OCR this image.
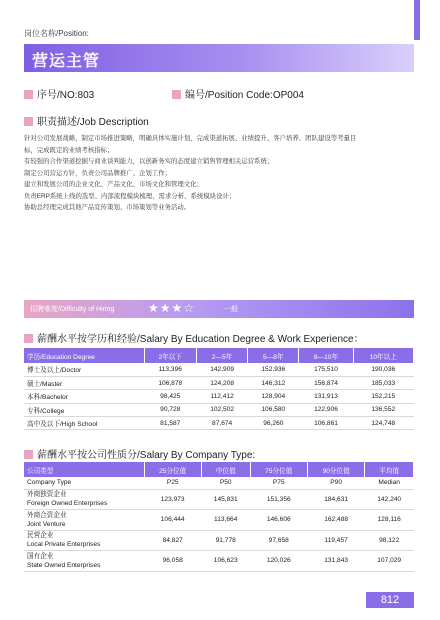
岗位名称/Position:
营运主管
序号/NO:803	编号/Position Code:OP004
职责描述/Job Description
针对公司发展战略，制定市场推进策略，明确具体实施计划，完成渠道拓展、业绩提升、客户培养、团队建设等考量目
标，完成既定的业绩考核指标；
有较强的合作渠道挖掘与商业谈判能力，以创新务实的态度建立销售管理相关运营系统；
制定公司营运方针，负责公司品牌推广、企划工作；
建立和发展公司的企业文化、产品文化、市场文化和管理文化；
负责ERP系统上线的选型、内部流程模块梳理、需求分析、系统模块设计；
协助总经理完成其他产品宣传策划、市场策划等业务活动。
招聘难度/Difficulty of Hiring	★★★☆	一般
薪酬水平按学历和经验/Salary By Education Degree & Work Experience：
学历/Education Degree	2年以下	2—5年	5—8年	8—10年	10年以上
博士及以上/Doctor	113,396	142,909	152,936	175,510	190,036
硕士/Master	106,878	124,208	146,312	156,874	185,033
本科/Bachelor	98,425	112,412	128,904	131,913	152,215
专科/College	90,728	102,502	106,580	122,906	136,552
高中及以下/High School	81,587	87,674	96,260	106,861	124,748
薪酬水平按公司性质分/Salary By Company Type:
公司类型	25分位值	中位值	75分位值	90分位值	平均值
Company Type	P25	P50	P75	P90	Median

外商独资企业
Foreign Owned Enterprises	123,973	145,831	151,356	184,631	142,240

外商合资企业
Joint Venture	106,444	113,664	146,606	162,488	128,116

民营企业
Local Private Enterprises	84,827	91,778	97,658	119,457	98,122

国有企业
State Owned Enterprises	96,058	106,623	120,026	131,843	107,029
812
